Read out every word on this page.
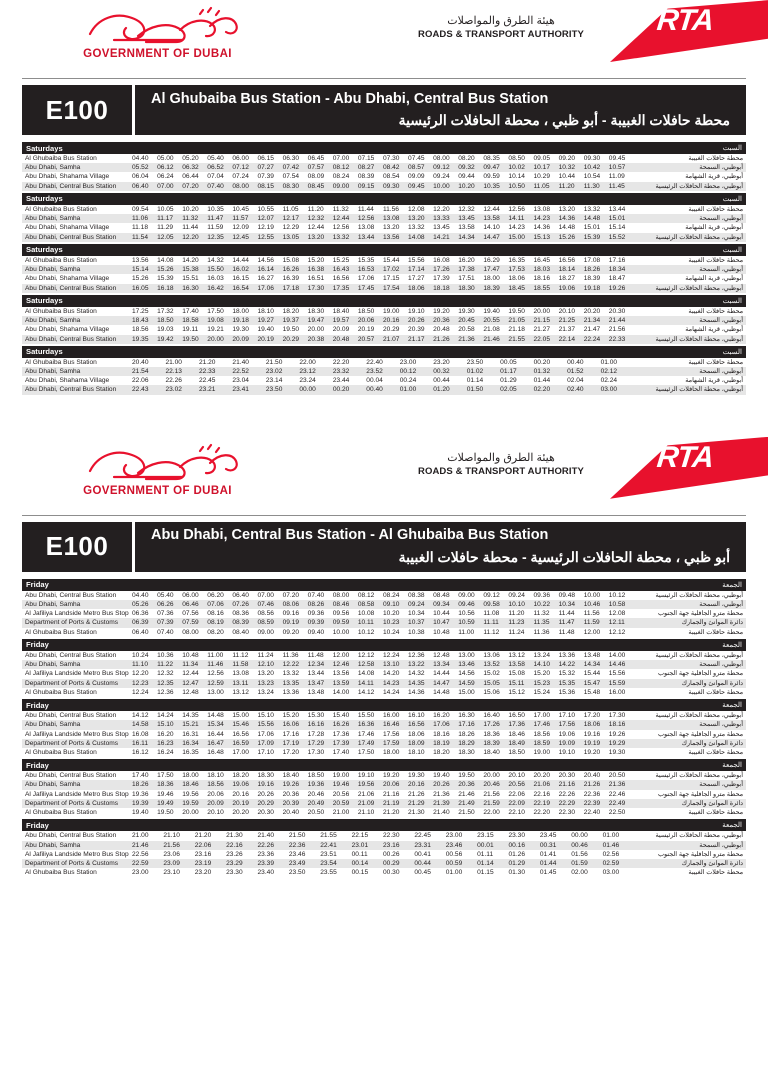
GOVERNMENT OF DUBAI
هيئة الطرق والمواصلات
ROADS & TRANSPORT AUTHORITY	RTA
E100	Al Ghubaiba Bus Station - Abu Dhabi, Central Bus Station
محطة حافلات الغبيبة - أبو ظبي ، محطة الحافلات الرئيسية
Saturdays	السبت
Al Ghubaiba Bus Station	04.40	05.00	05.20	05.40	06.00	06.15	06.30	06.45	07.00	07.15	07.30	07.45	08.00	08.20	08.35	08.50	09.05	09.20	09.30	09.45	محطة حافلات الغبيبة
Abu Dhabi, Samha	05.52	06.12	06.32	06.52	07.12	07.27	07.42	07.57	08.12	08.27	08.42	08.57	09.12	09.32	09.47	10.02	10.17	10.32	10.42	10.57	أبوظبي، السمحة
Abu Dhabi, Shahama Village	06.04	06.24	06.44	07.04	07.24	07.39	07.54	08.09	08.24	08.39	08.54	09.09	09.24	09.44	09.59	10.14	10.29	10.44	10.54	11.09	أبوظبي، قرية الشهامة
Abu Dhabi, Central Bus Station	06.40	07.00	07.20	07.40	08.00	08.15	08.30	08.45	09.00	09.15	09.30	09.45	10.00	10.20	10.35	10.50	11.05	11.20	11.30	11.45	أبوظبي، محطة الحافلات الرئيسية
Saturdays	السبت
Al Ghubaiba Bus Station	09.54	10.05	10.20	10.35	10.45	10.55	11.05	11.20	11.32	11.44	11.56	12.08	12.20	12.32	12.44	12.56	13.08	13.20	13.32	13.44	محطة حافلات الغبيبة
Abu Dhabi, Samha	11.06	11.17	11.32	11.47	11.57	12.07	12.17	12.32	12.44	12.56	13.08	13.20	13.33	13.45	13.58	14.11	14.23	14.36	14.48	15.01	أبوظبي، السمحة
Abu Dhabi, Shahama Village	11.18	11.29	11.44	11.59	12.09	12.19	12.29	12.44	12.56	13.08	13.20	13.32	13.45	13.58	14.10	14.23	14.36	14.48	15.01	15.14	أبوظبي، قرية الشهامة
Abu Dhabi, Central Bus Station	11.54	12.05	12.20	12.35	12.45	12.55	13.05	13.20	13.32	13.44	13.56	14.08	14.21	14.34	14.47	15.00	15.13	15.26	15.39	15.52	أبوظبي، محطة الحافلات الرئيسية
Saturdays	السبت
Al Ghubaiba Bus Station	13.56	14.08	14.20	14.32	14.44	14.56	15.08	15.20	15.25	15.35	15.44	15.56	16.08	16.20	16.29	16.35	16.45	16.56	17.08	17.16	محطة حافلات الغبيبة
Abu Dhabi, Samha	15.14	15.26	15.38	15.50	16.02	16.14	16.26	16.38	16.43	16.53	17.02	17.14	17.26	17.38	17.47	17.53	18.03	18.14	18.26	18.34	أبوظبي، السمحة
Abu Dhabi, Shahama Village	15.26	15.39	15.51	16.03	16.15	16.27	16.39	16.51	16.56	17.06	17.15	17.27	17.39	17.51	18.00	18.06	18.16	18.27	18.39	18.47	أبوظبي، قرية الشهامة
Abu Dhabi, Central Bus Station	16.05	16.18	16.30	16.42	16.54	17.06	17.18	17.30	17.35	17.45	17.54	18.06	18.18	18.30	18.39	18.45	18.55	19.06	19.18	19.26	أبوظبي، محطة الحافلات الرئيسية
Saturdays	السبت
Al Ghubaiba Bus Station	17.25	17.32	17.40	17.50	18.00	18.10	18.20	18.30	18.40	18.50	19.00	19.10	19.20	19.30	19.40	19.50	20.00	20.10	20.20	20.30	محطة حافلات الغبيبة
Abu Dhabi, Samha	18.43	18.50	18.58	19.08	19.18	19.27	19.37	19.47	19.57	20.06	20.16	20.26	20.36	20.45	20.55	21.05	21.15	21.25	21.34	21.44	أبوظبي، السمحة
Abu Dhabi, Shahama Village	18.56	19.03	19.11	19.21	19.30	19.40	19.50	20.00	20.09	20.19	20.29	20.39	20.48	20.58	21.08	21.18	21.27	21.37	21.47	21.56	أبوظبي، قرية الشهامة
Abu Dhabi, Central Bus Station	19.35	19.42	19.50	20.00	20.09	20.19	20.29	20.38	20.48	20.57	21.07	21.17	21.26	21.36	21.46	21.55	22.05	22.14	22.24	22.33	أبوظبي، محطة الحافلات الرئيسية
Saturdays	السبت
Al Ghubaiba Bus Station	20.40	21.00	21.20	21.40	21.50	22.00	22.20	22.40	23.00	23.20	23.50	00.05	00.20	00.40	01.00	محطة حافلات الغبيبة
Abu Dhabi, Samha	21.54	22.13	22.33	22.52	23.02	23.12	23.32	23.52	00.12	00.32	01.02	01.17	01.32	01.52	02.12	أبوظبي، السمحة
Abu Dhabi, Shahama Village	22.06	22.26	22.45	23.04	23.14	23.24	23.44	00.04	00.24	00.44	01.14	01.29	01.44	02.04	02.24	أبوظبي، قرية الشهامة
Abu Dhabi, Central Bus Station	22.43	23.02	23.21	23.41	23.50	00.00	00.20	00.40	01.00	01.20	01.50	02.05	02.20	02.40	03.00	أبوظبي، محطة الحافلات الرئيسية
GOVERNMENT OF DUBAI
هيئة الطرق والمواصلات
ROADS & TRANSPORT AUTHORITY	RTA
E100	Abu Dhabi, Central Bus Station - Al Ghubaiba Bus Station
أبو ظبي ، محطة الحافلات الرئيسية - محطة حافلات الغبيبة
Friday	الجمعة
Abu Dhabi, Central Bus Station	04.40	05.40	06.00	06.20	06.40	07.00	07.20	07.40	08.00	08.12	08.24	08.38	08.48	09.00	09.12	09.24	09.36	09.48	10.00	10.12	أبوظبي، محطة الحافلات الرئيسية
Abu Dhabi, Samha	05.26	06.26	06.46	07.06	07.26	07.46	08.06	08.26	08.46	08.58	09.10	09.24	09.34	09.46	09.58	10.10	10.22	10.34	10.46	10.58	أبوظبي، السمحة
Al Jafiliya Landside Metro Bus Stop 06.36	07.36	07.56	08.16	08.36	08.56	09.16	09.36	09.56	10.08	10.20	10.34	10.44	10.56	11.08	11.20	11.32	11.44	11.56	12.08	محطة مترو الجافلية جهة الجنوب
Department of Ports & Customs	06.39	07.39	07.59	08.19	08.39	08.59	09.19	09.39	09.59	10.11	10.23	10.37	10.47	10.59	11.11	11.23	11.35	11.47	11.59	12.11	دائرة الموانئ والجمارك
Al Ghubaiba Bus Station	06.40	07.40	08.00	08.20	08.40	09.00	09.20	09.40	10.00	10.12	10.24	10.38	10.48	11.00	11.12	11.24	11.36	11.48	12.00	12.12	محطة حافلات الغبيبة
Friday	الجمعة
Abu Dhabi, Central Bus Station	10.24	10.36	10.48	11.00	11.12	11.24	11.36	11.48	12.00	12.12	12.24	12.36	12.48	13.00	13.06	13.12	13.24	13.36	13.48	14.00	أبوظبي، محطة الحافلات الرئيسية
Abu Dhabi, Samha	11.10	11.22	11.34	11.46	11.58	12.10	12.22	12.34	12.46	12.58	13.10	13.22	13.34	13.46	13.52	13.58	14.10	14.22	14.34	14.46	أبوظبي، السمحة
Al Jafiliya Landside Metro Bus Stop 12.20	12.32	12.44	12.56	13.08	13.20	13.32	13.44	13.56	14.08	14.20	14.32	14.44	14.56	15.02	15.08	15.20	15.32	15.44	15.56	محطة مترو الجافلية جهة الجنوب
Department of Ports & Customs	12.23	12.35	12.47	12.59	13.11	13.23	13.35	13.47	13.59	14.11	14.23	14.35	14.47	14.59	15.05	15.11	15.23	15.35	15.47	15.59	دائرة الموانئ والجمارك
Al Ghubaiba Bus Station	12.24	12.36	12.48	13.00	13.12	13.24	13.36	13.48	14.00	14.12	14.24	14.36	14.48	15.00	15.06	15.12	15.24	15.36	15.48	16.00	محطة حافلات الغبيبة
Friday	الجمعة
Abu Dhabi, Central Bus Station	14.12	14.24	14.35	14.48	15.00	15.10	15.20	15.30	15.40	15.50	16.00	16.10	16.20	16.30	16.40	16.50	17.00	17.10	17.20	17.30	أبوظبي، محطة الحافلات الرئيسية
Abu Dhabi, Samha	14.58	15.10	15.21	15.34	15.46	15.56	16.06	16.16	16.26	16.36	16.46	16.56	17.06	17.16	17.26	17.36	17.46	17.56	18.06	18.16	أبوظبي، السمحة
Al Jafiliya Landside Metro Bus Stop 16.08	16.20	16.31	16.44	16.56	17.06	17.16	17.28	17.36	17.46	17.56	18.06	18.16	18.26	18.36	18.46	18.56	19.06	19.16	19.26	محطة مترو الجافلية جهة الجنوب
Department of Ports & Customs	16.11	16.23	16.34	16.47	16.59	17.09	17.19	17.29	17.39	17.49	17.59	18.09	18.19	18.29	18.39	18.49	18.59	19.09	19.19	19.29	دائرة الموانئ والجمارك
Al Ghubaiba Bus Station	16.12	16.24	16.35	16.48	17.00	17.10	17.20	17.30	17.40	17.50	18.00	18.10	18.20	18.30	18.40	18.50	19.00	19.10	19.20	19.30	محطة حافلات الغبيبة
Friday	الجمعة
Abu Dhabi, Central Bus Station	17.40	17.50	18.00	18.10	18.20	18.30	18.40	18.50	19.00	19.10	19.20	19.30	19.40	19.50	20.00	20.10	20.20	20.30	20.40	20.50	أبوظبي، محطة الحافلات الرئيسية
Abu Dhabi, Samha	18.26	18.36	18.46	18.56	19.06	19.16	19.26	19.36	19.46	19.56	20.06	20.16	20.26	20.36	20.46	20.56	21.06	21.16	21.26	21.36	أبوظبي، السمحة
Al Jafiliya Landside Metro Bus Stop 19.36	19.46	19.56	20.06	20.16	20.26	20.36	20.46	20.56	21.06	21.16	21.26	21.36	21.46	21.56	22.06	22.16	22.26	22.36	22.46	محطة مترو الجافلية جهة الجنوب
Department of Ports & Customs	19.39	19.49	19.59	20.09	20.19	20.29	20.39	20.49	20.59	21.09	21.19	21.29	21.39	21.49	21.59	22.09	22.19	22.29	22.39	22.49	دائرة الموانئ والجمارك
Al Ghubaiba Bus Station	19.40	19.50	20.00	20.10	20.20	20.30	20.40	20.50	21.00	21.10	21.20	21.30	21.40	21.50	22.00	22.10	22.20	22.30	22.40	22.50	محطة حافلات الغبيبة
Friday	الجمعة
Abu Dhabi, Central Bus Station	21.00	21.10	21.20	21.30	21.40	21.50	21.55	22.15	22.30	22.45	23.00	23.15	23.30	23.45	00.00	01.00	أبوظبي، محطة الحافلات الرئيسية
Abu Dhabi, Samha	21.46	21.56	22.06	22.16	22.26	22.36	22.41	23.01	23.16	23.31	23.46	00.01	00.16	00.31	00.46	01.46	أبوظبي، السمحة
Al Jafiliya Landside Metro Bus Stop 22.56	23.06	23.16	23.26	23.36	23.46	23.51	00.11	00.26	00.41	00.56	01.11	01.26	01.41	01.56	02.56	محطة مترو الجافلية جهة الجنوب
Department of Ports & Customs	22.59	23.09	23.19	23.29	23.39	23.49	23.54	00.14	00.29	00.44	00.59	01.14	01.29	01.44	01.59	02.59	دائرة الموانئ والجمارك
Al Ghubaiba Bus Station	23.00	23.10	23.20	23.30	23.40	23.50	23.55	00.15	00.30	00.45	01.00	01.15	01.30	01.45	02.00	03.00	محطة حافلات الغبيبة
